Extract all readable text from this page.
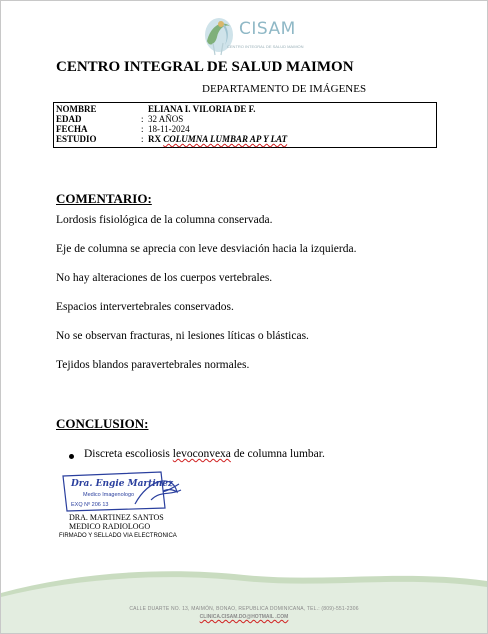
CISAM
CENTRO INTEGRAL DE SALUD MAIMON
CENTRO INTEGRAL DE SALUD MAIMON
DEPARTAMENTO DE IMÁGENES
NOMBRE	ELIANA I. VILORIA DE F.
EDAD	: 32 AÑOS
FECHA	: 18-11-2024
ESTUDIO	: RX COLUMNA LUMBAR AP Y LAT
COMENTARIO:
Lordosis fisiológica de la columna conservada.
Eje de columna se aprecia con leve desviación hacia la izquierda.
No hay alteraciones de los cuerpos vertebrales.
Espacios intervertebrales conservados.
No se observan fracturas, ni lesiones líticas o blásticas.
Tejidos blandos paravertebrales normales.
CONCLUSION:
Discreta escoliosis levoconvexa de columna lumbar.
Dra. Engie Martinez
Medico Imagenologo
EXQ Nº 206 13
DRA. MARTINEZ SANTOS
MEDICO RADIOLOGO
FIRMADO Y SELLADO VIA ELECTRONICA
CALLE DUARTE NO. 13, MAIMÓN, BONAO, REPUBLICA DOMINICANA, TEL.: (809)-551-2306
CLINICA.CISAM.DO@HOTMAIL .COM
